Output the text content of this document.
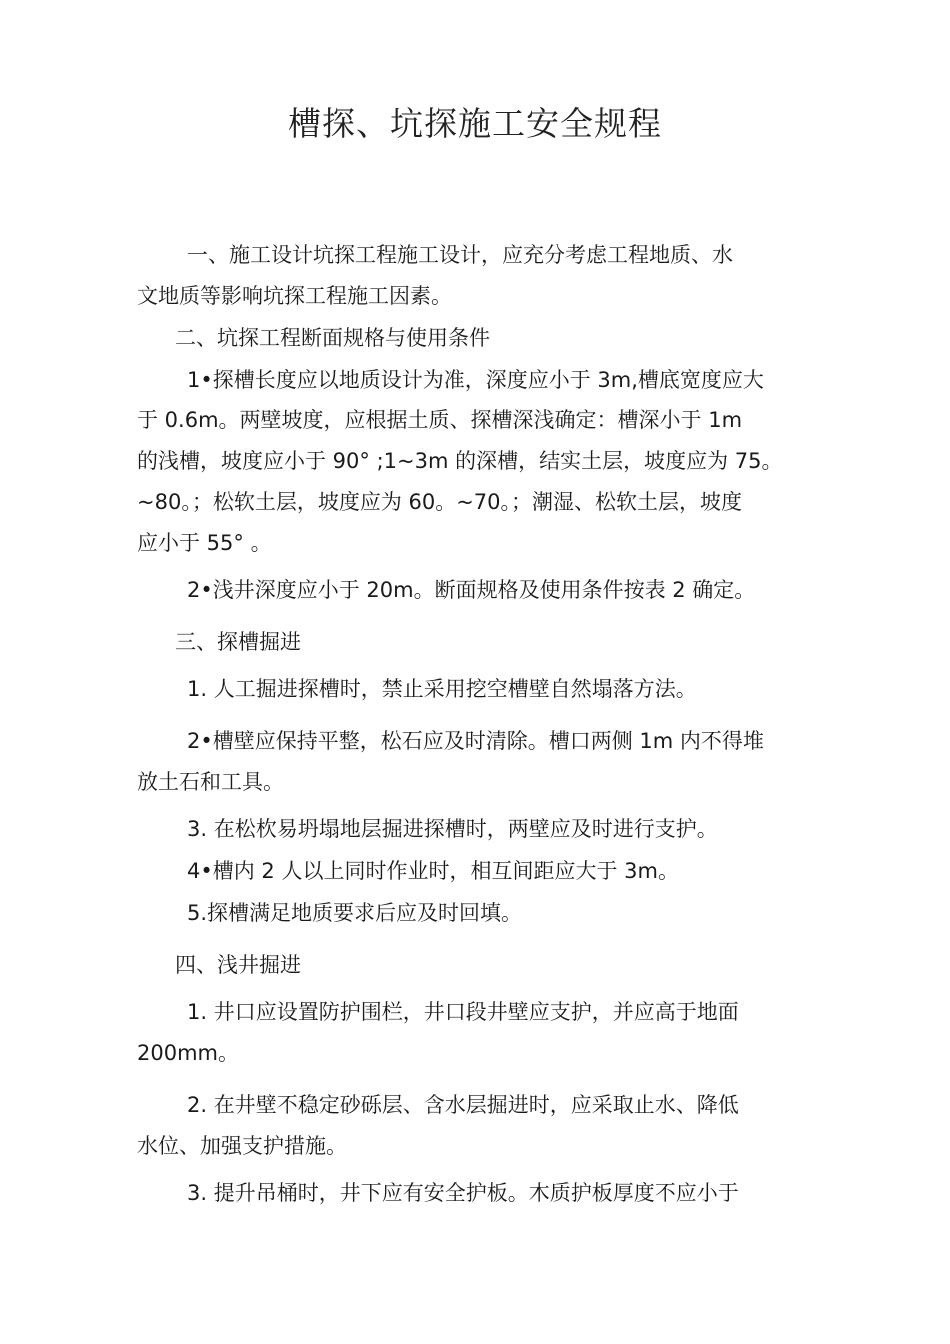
槽探、坑探施工安全规程
一、施工设计坑探工程施工设计，应充分考虑工程地质、水
文地质等影响坑探工程施工因素。
二、坑探工程断面规格与使用条件
1•探槽长度应以地质设计为准，深度应小于 3m,槽底宽度应大
于 0.6m。两壁坡度，应根据土质、探槽深浅确定：槽深小于 1m
的浅槽，坡度应小于 90° ;1~3m 的深槽，结实土层，坡度应为 75。
~80。；松软土层，坡度应为 60。~70。；潮湿、松软土层，坡度
应小于 55° 。
2•浅井深度应小于 20m。断面规格及使用条件按表 2 确定。
三、探槽掘进
1. 人工掘进探槽时，禁止采用挖空槽壁自然塌落方法。
2•槽壁应保持平整，松石应及时清除。槽口两侧 1m 内不得堆
放土石和工具。
3. 在松杴易坍塌地层掘进探槽时，两壁应及时进行支护。
4•槽内 2 人以上同时作业时，相互间距应大于 3m。
5.探槽满足地质要求后应及时回填。
四、浅井掘进
1. 井口应设置防护围栏，井口段井壁应支护，并应高于地面
200mm。
2. 在井壁不稳定砂砾层、含水层掘进时，应采取止水、降低
水位、加强支护措施。
3. 提升吊桶时，井下应有安全护板。木质护板厚度不应小于
